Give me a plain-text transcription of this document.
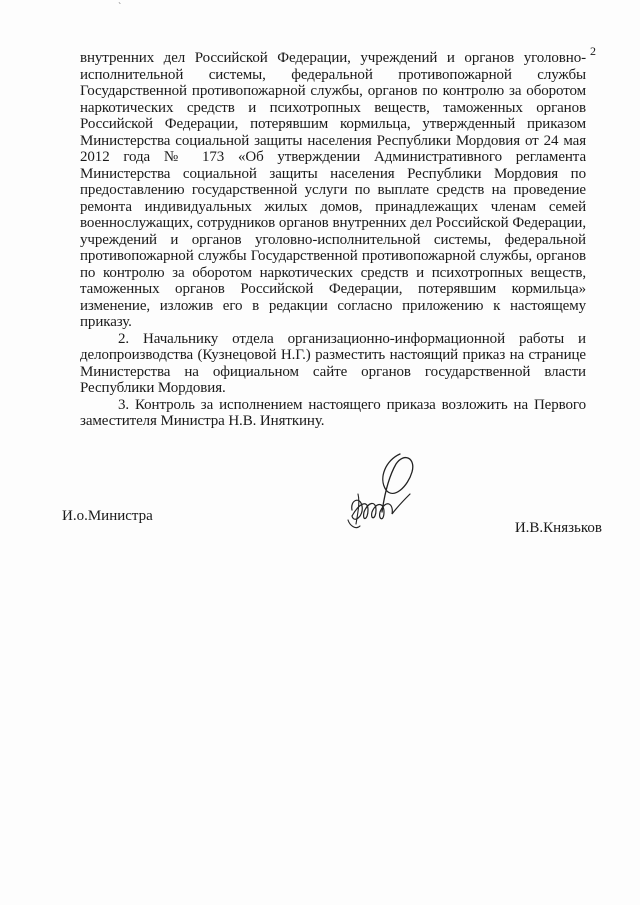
`
2

внутренних дел Российской Федерации, учреждений и органов уголовно-исполнительной системы, федеральной противопожарной службы Государственной противопожарной службы, органов по контролю за оборотом наркотических средств и психотропных веществ, таможенных органов Российской Федерации, потерявшим кормильца, утвержденный приказом Министерства социальной защиты населения Республики Мордовия от 24 мая 2012 года № 173 «Об утверждении Административного регламента Министерства социальной защиты населения Республики Мордовия по предоставлению государственной услуги по выплате средств на проведение ремонта индивидуальных жилых домов, принадлежащих членам семей военнослужащих, сотрудников органов внутренних дел Российской Федерации, учреждений и органов уголовно-исполнительной системы, федеральной противопожарной службы Государственной противопожарной службы, органов по контролю за оборотом наркотических средств и психотропных веществ, таможенных органов Российской Федерации, потерявшим кормильца» изменение, изложив его в редакции согласно приложению к настоящему приказу.

2. Начальнику отдела организационно-информационной работы и делопроизводства (Кузнецовой Н.Г.) разместить настоящий приказ на странице Министерства на официальном сайте органов государственной власти Республики Мордовия.

3. Контроль за исполнением настоящего приказа возложить на Первого заместителя Министра Н.В. Иняткину.

И.о.Министра
И.В.Князьков
